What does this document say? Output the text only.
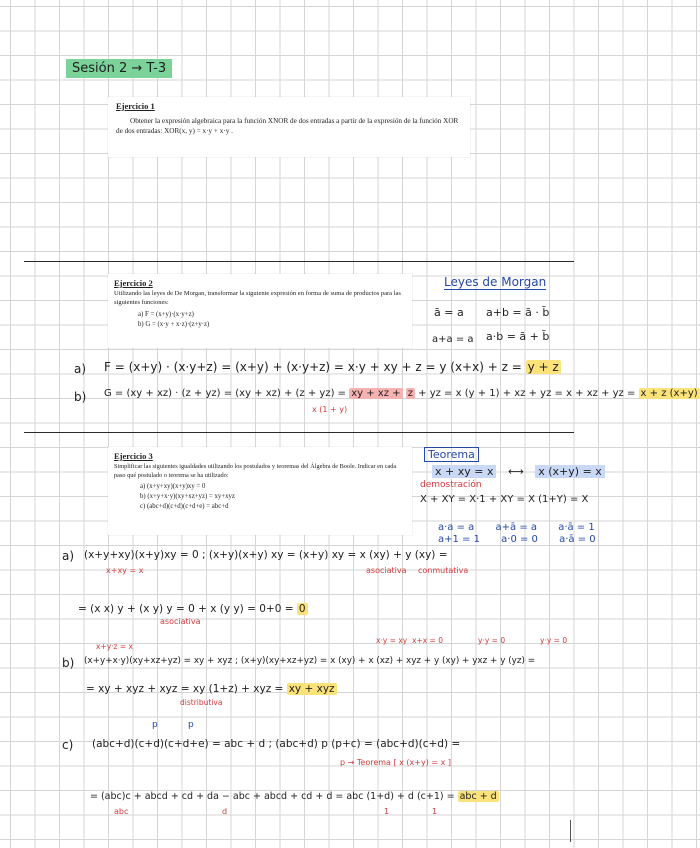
Sesión 2 → T-3
Ejercicio 1
Obtener la expresión algebraica para la función XNOR de dos entradas a partir de la expresión de la función XOR de dos entradas: XOR(x, y) = x·y + x·y .
Ejercicio 2
Utilizando las leyes de De Morgan, transformar la siguiente expresión en forma de suma de productos para las siguientes funciones:
a) F = (x+y)·(x·y+z)
b) G = (x·y + x·z)·(z+y·z)
Leyes de Morgan
ā = a a+b = ā · b̄
a+a = a a·b = ā + b̄
a) F = (x+y) · (x·y+z) = (x+y) + (x·y+z) = x·y + xy + z = y (x+x) + z = y + z
b) G = (xy + xz) · (z + yz) = (xy + xz) + (z + yz) = xy + xz + z + yz = x (y + 1) + xz + yz = x + xz + yz = x + z (x+y)
x (1 + y)
Ejercicio 3
Simplificar las siguientes igualdades utilizando los postulados y teoremas del Álgebra de Boole. Indicar en cada paso qué postulado o teorema se ha utilizado:
a) (x+y+xy)(x+y)xy = 0
b) (x+y+x·y)(xy+xz+yz) = xy+xyz
c) (abc+d)(c+d)(c+d+e) = abc+d
Teorema
x + xy = x ⟷ x (x+y) = x
demostración
X + XY = X·1 + XY = X (1+Y) = X
a·a = a a+ā = a a·ā = 1
a+1 = 1 a·0 = 0 a·ā = 0
a) (x+y+xy)(x+y)xy = 0 ; (x+y)(x+y) xy = (x+y) xy = x (xy) + y (xy) =
x+xy = x	asociativa conmutativa
= (x x) y + (x y) y = 0 + x (y y) = 0+0 = 0
asociativa
x+y·z = x
x·y = xy x+x = 0	y·y = 0	y·y = 0
b) (x+y+x·y)(xy+xz+yz) = xy + xyz ; (x+y)(xy+xz+yz) = x (xy) + x (xz) + xyz + y (xy) + yxz + y (yz) =
= xy + xyz + xyz = xy (1+z) + xyz = xy + xyz
distributiva
p	p
c) (abc+d)(c+d)(c+d+e) = abc + d ; (abc+d) p (p+c) = (abc+d)(c+d) =
p → Teorema [ x (x+y) = x ]
= (abc)c + abcd + cd + da − abc + abcd + cd + d = abc (1+d) + d (c+1) = abc + d
abc	d	1	1
